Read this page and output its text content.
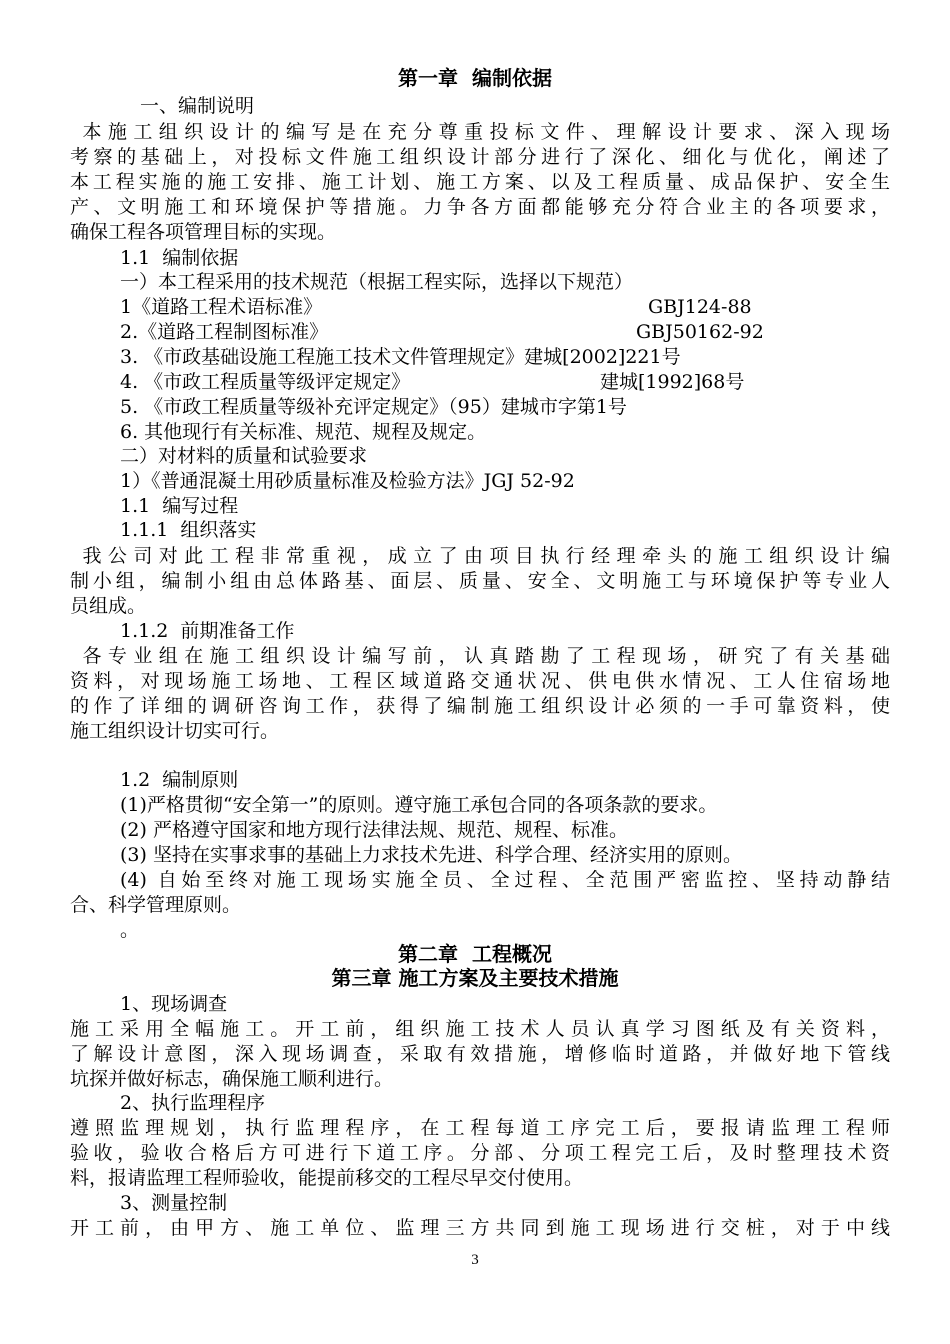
第一章  编制依据
一、编制说明
本施工组织设计的编写是在充分尊重投标文件、理解设计要求、深入现场
考察的基础上，对投标文件施工组织设计部分进行了深化、细化与优化，阐述了
本工程实施的施工安排、施工计划、施工方案、以及工程质量、成品保护、安全生
产、文明施工和环境保护等措施。力争各方面都能够充分符合业主的各项要求，
确保工程各项管理目标的实现。
1.1  编制依据
一）本工程采用的技术规范（根据工程实际，选择以下规范）
1《道路工程术语标准》	GBJ124-88
2.《道路工程制图标准》	GBJ50162-92
3. 《市政基础设施工程施工技术文件管理规定》建城[2002]221号
4. 《市政工程质量等级评定规定》	建城[1992]68号
5. 《市政工程质量等级补充评定规定》（95）建城市字第1号
6. 其他现行有关标准、规范、规程及规定。
二）对材料的质量和试验要求
1）《普通混凝土用砂质量标准及检验方法》JGJ 52-92
1.1  编写过程
1.1.1  组织落实
我公司对此工程非常重视，成立了由项目执行经理牵头的施工组织设计编
制小组，编制小组由总体路基、面层、质量、安全、文明施工与环境保护等专业人
员组成。
1.1.2  前期准备工作
各专业组在施工组织设计编写前，认真踏勘了工程现场，研究了有关基础
资料，对现场施工场地、工程区域道路交通状况、供电供水情况、工人住宿场地
的作了详细的调研咨询工作，获得了编制施工组织设计必须的一手可靠资料，使
施工组织设计切实可行。
1.2  编制原则
(1)严格贯彻“安全第一”的原则。遵守施工承包合同的各项条款的要求。
(2) 严格遵守国家和地方现行法律法规、规范、规程、标准。
(3) 坚持在实事求事的基础上力求技术先进、科学合理、经济实用的原则。
(4) 自始至终对施工现场实施全员、全过程、全范围严密监控、坚持动静结
合、科学管理原则。
。
第二章  工程概况
第三章 施工方案及主要技术措施
1、现场调查
施工采用全幅施工。开工前，组织施工技术人员认真学习图纸及有关资料，
了解设计意图，深入现场调查，采取有效措施，增修临时道路，并做好地下管线
坑探并做好标志，确保施工顺利进行。
2、执行监理程序
遵照监理规划，执行监理程序，在工程每道工序完工后，要报请监理工程师
验收，验收合格后方可进行下道工序。分部、分项工程完工后，及时整理技术资
料，报请监理工程师验收，能提前移交的工程尽早交付使用。
3、测量控制
开工前，由甲方、施工单位、监理三方共同到施工现场进行交桩，对于中线
3
